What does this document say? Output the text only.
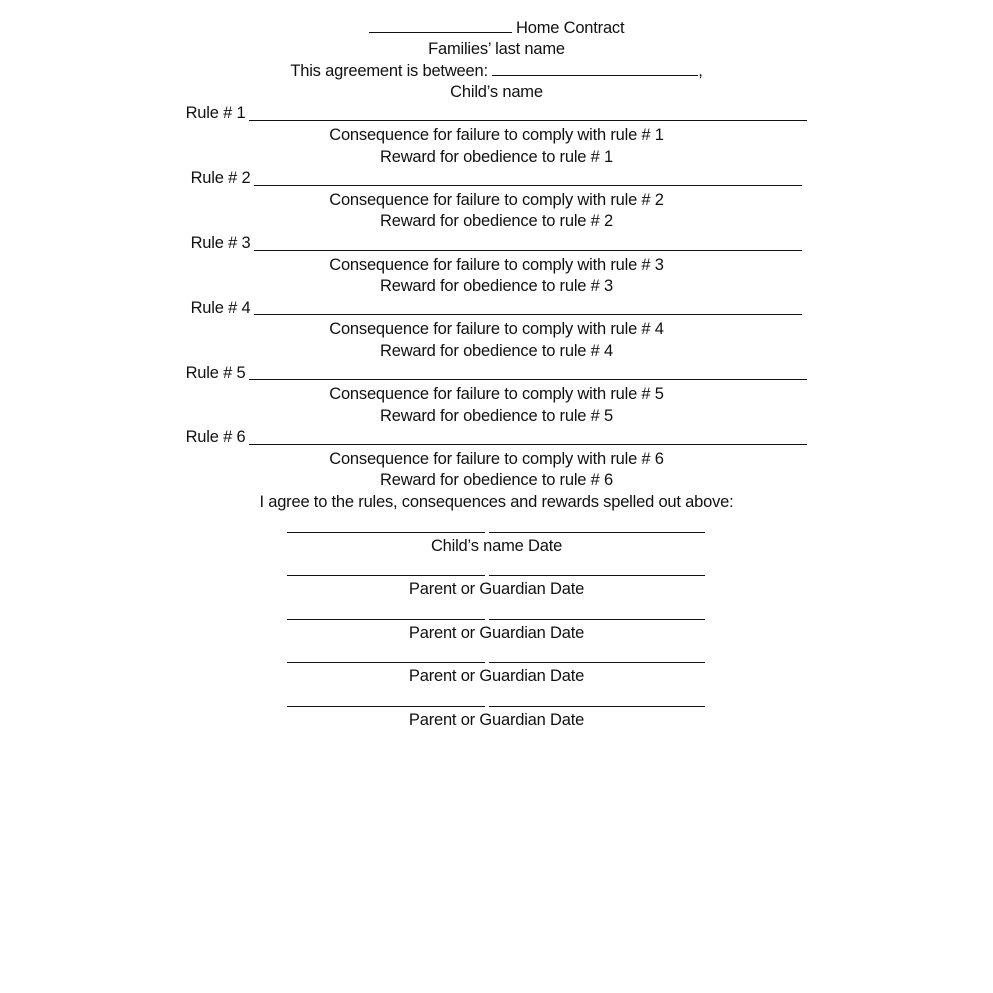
Home Contract
Families’ last name
This agreement is between:	,
Child’s name
Rule # 1
Consequence for failure to comply with rule # 1
Reward for obedience to rule # 1
Rule # 2
Consequence for failure to comply with rule # 2
Reward for obedience to rule # 2
Rule # 3
Consequence for failure to comply with rule # 3
Reward for obedience to rule # 3
Rule # 4
Consequence for failure to comply with rule # 4
Reward for obedience to rule # 4
Rule # 5
Consequence for failure to comply with rule # 5
Reward for obedience to rule # 5
Rule # 6
Consequence for failure to comply with rule # 6
Reward for obedience to rule # 6
I agree to the rules, consequences and rewards spelled out above:
Child’s name Date
Parent or Guardian Date
Parent or Guardian Date
Parent or Guardian Date
Parent or Guardian Date
